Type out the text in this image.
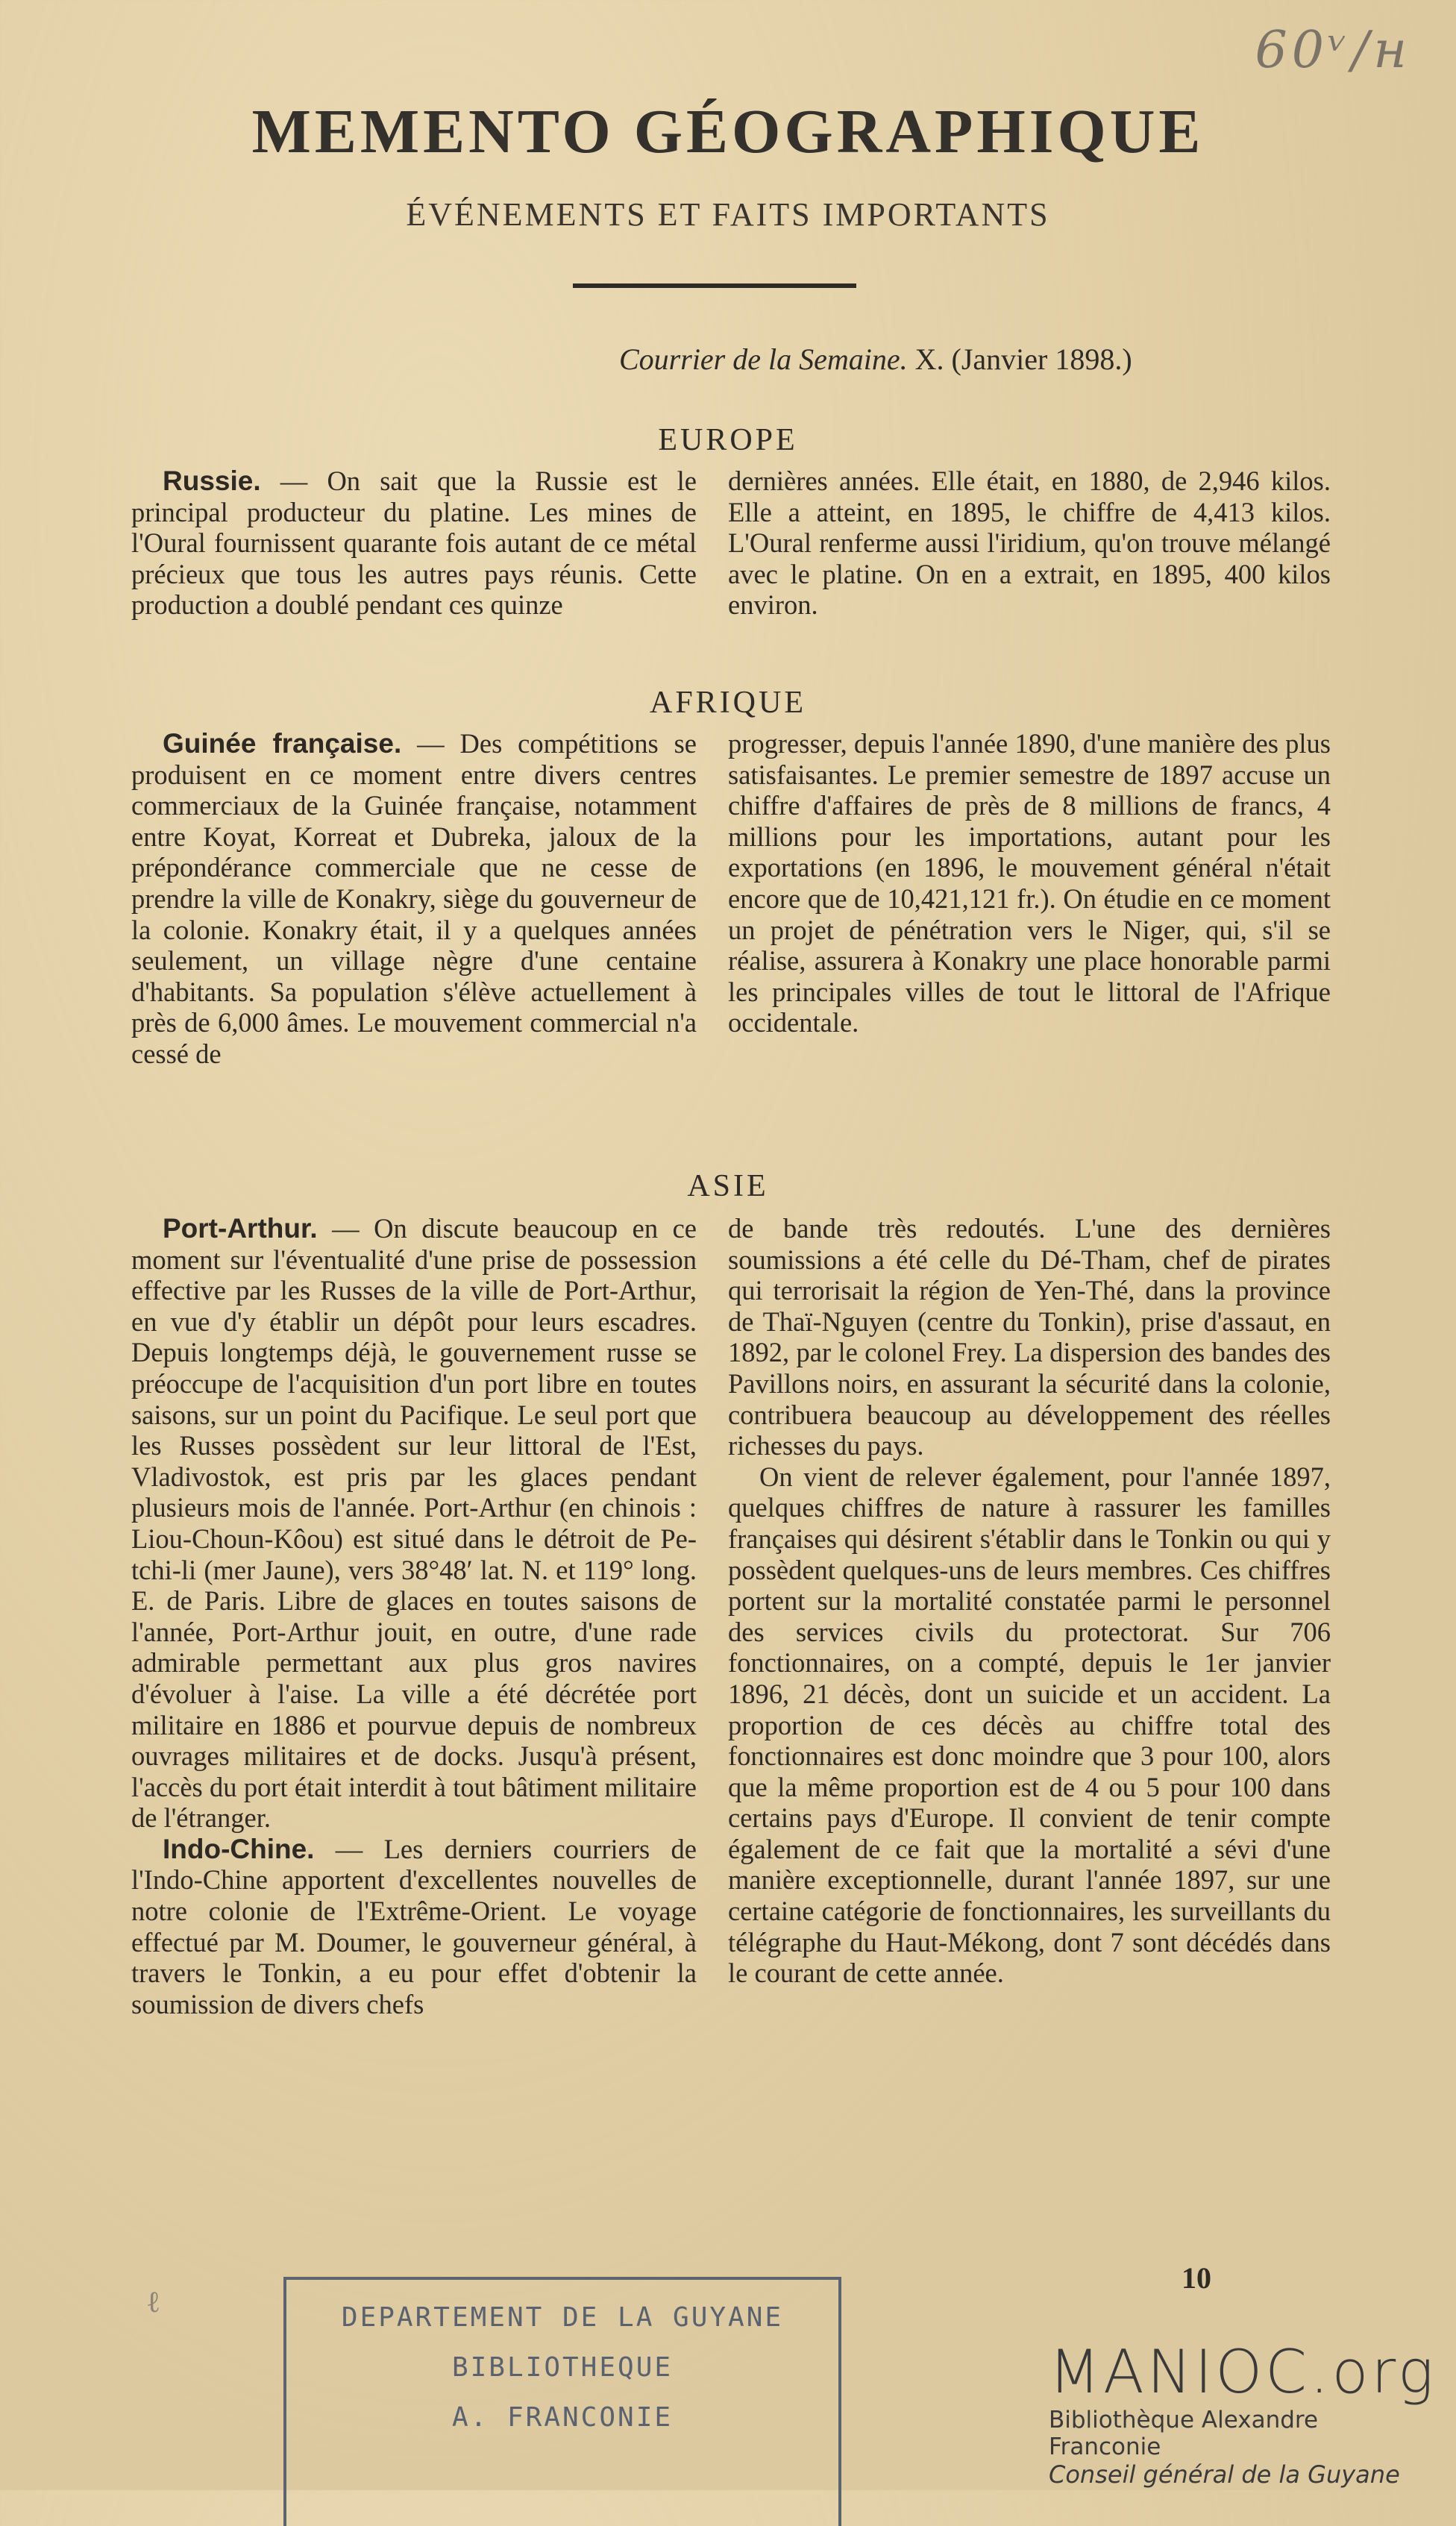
60ᵛ/н
MEMENTO GÉOGRAPHIQUE
ÉVÉNEMENTS ET FAITS IMPORTANTS
Courrier de la Semaine. X. (Janvier 1898.)
EUROPE

Russie. — On sait que la Russie est le principal producteur du platine. Les mines de l'Oural fournissent quarante fois autant de ce métal précieux que tous les autres pays réunis. Cette production a doublé pendant ces quinze

dernières années. Elle était, en 1880, de 2,946 kilos. Elle a atteint, en 1895, le chiffre de 4,413 kilos. L'Oural renferme aussi l'iridium, qu'on trouve mélangé avec le platine. On en a extrait, en 1895, 400 kilos environ.

AFRIQUE

Guinée française. — Des compétitions se produisent en ce moment entre divers centres commerciaux de la Guinée française, notamment entre Koyat, Korreat et Dubreka, jaloux de la prépondérance commerciale que ne cesse de prendre la ville de Konakry, siège du gouverneur de la colonie. Konakry était, il y a quelques années seulement, un village nègre d'une centaine d'habitants. Sa population s'élève actuellement à près de 6,000 âmes. Le mouvement commercial n'a cessé de

progresser, depuis l'année 1890, d'une manière des plus satisfaisantes. Le premier semestre de 1897 accuse un chiffre d'affaires de près de 8 millions de francs, 4 millions pour les importations, autant pour les exportations (en 1896, le mouvement général n'était encore que de 10,421,121 fr.). On étudie en ce moment un projet de pénétration vers le Niger, qui, s'il se réalise, assurera à Konakry une place honorable parmi les principales villes de tout le littoral de l'Afrique occidentale.

ASIE

Port-Arthur. — On discute beaucoup en ce moment sur l'éventualité d'une prise de possession effective par les Russes de la ville de Port-Arthur, en vue d'y établir un dépôt pour leurs escadres. Depuis longtemps déjà, le gouvernement russe se préoccupe de l'acquisition d'un port libre en toutes saisons, sur un point du Pacifique. Le seul port que les Russes possèdent sur leur littoral de l'Est, Vladivostok, est pris par les glaces pendant plusieurs mois de l'année. Port-Arthur (en chinois : Liou-Choun-Kôou) est situé dans le détroit de Pe-tchi-li (mer Jaune), vers 38°48′ lat. N. et 119° long. E. de Paris. Libre de glaces en toutes saisons de l'année, Port-Arthur jouit, en outre, d'une rade admirable permettant aux plus gros navires d'évoluer à l'aise. La ville a été décrétée port militaire en 1886 et pourvue depuis de nombreux ouvrages militaires et de docks. Jusqu'à présent, l'accès du port était interdit à tout bâtiment militaire de l'étranger.

Indo-Chine. — Les derniers courriers de l'Indo-Chine apportent d'excellentes nouvelles de notre colonie de l'Extrême-Orient. Le voyage effectué par M. Doumer, le gouverneur général, à travers le Tonkin, a eu pour effet d'obtenir la soumission de divers chefs

de bande très redoutés. L'une des dernières soumissions a été celle du Dé-Tham, chef de pirates qui terrorisait la région de Yen-Thé, dans la province de Thaï-Nguyen (centre du Tonkin), prise d'assaut, en 1892, par le colonel Frey. La dispersion des bandes des Pavillons noirs, en assurant la sécurité dans la colonie, contribuera beaucoup au développement des réelles richesses du pays.

On vient de relever également, pour l'année 1897, quelques chiffres de nature à rassurer les familles françaises qui désirent s'établir dans le Tonkin ou qui y possèdent quelques-uns de leurs membres. Ces chiffres portent sur la mortalité constatée parmi le personnel des services civils du protectorat. Sur 706 fonctionnaires, on a compté, depuis le 1er janvier 1896, 21 décès, dont un suicide et un accident. La proportion de ces décès au chiffre total des fonctionnaires est donc moindre que 3 pour 100, alors que la même proportion est de 4 ou 5 pour 100 dans certains pays d'Europe. Il convient de tenir compte également de ce fait que la mortalité a sévi d'une manière exceptionnelle, durant l'année 1897, sur une certaine catégorie de fonctionnaires, les surveillants du télégraphe du Haut-Mékong, dont 7 sont décédés dans le courant de cette année.

10
ℓ	DEPARTEMENT DE LA GUYANE
BIBLIOTHEQUE
A. FRANCONIE
MANIOC.org
Bibliothèque Alexandre Franconie
Conseil général de la Guyane
